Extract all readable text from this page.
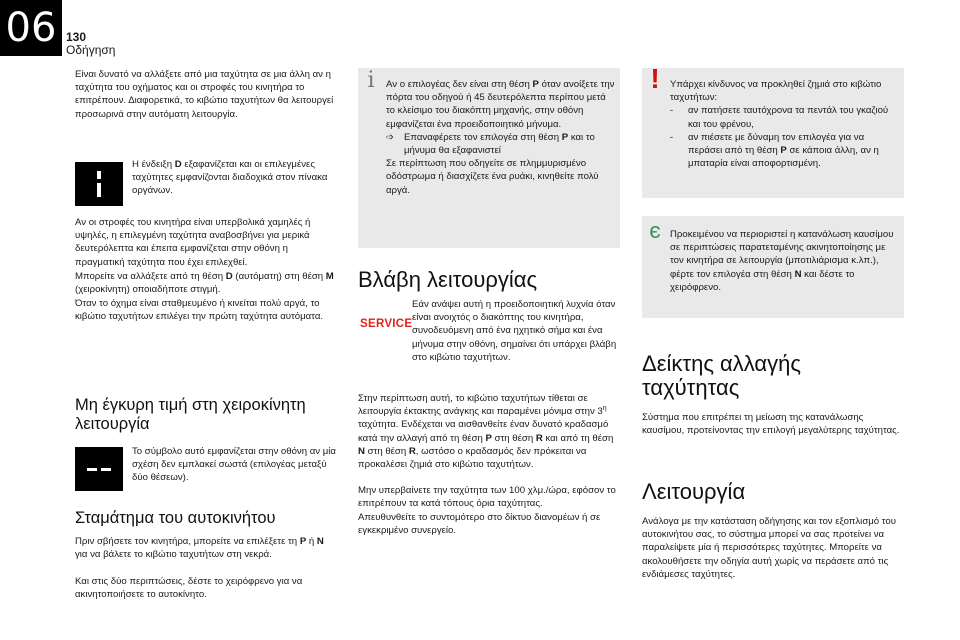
06 130
Οδήγηση

Είναι δυνατό να αλλάξετε από μια ταχύτητα σε μια άλλη αν η ταχύτητα του οχήματος και οι στροφές του κινητήρα το επιτρέπουν. Διαφορετικά, το κιβώτιο ταχυτήτων θα λειτουργεί προσωρινά στην αυτόματη λειτουργία.

Η ένδειξη D εξαφανίζεται και οι επιλεγμένες ταχύτητες εμφανίζονται διαδοχικά στον πίνακα οργάνων.

Αν οι στροφές του κινητήρα είναι υπερβολικά χαμηλές ή υψηλές, η επιλεγμένη ταχύτητα αναβοσβήνει για μερικά δευτερόλεπτα και έπειτα εμφανίζεται στην οθόνη η πραγματική ταχύτητα που έχει επιλεχθεί.

Μπορείτε να αλλάξετε από τη θέση D (αυτόματη) στη θέση M (χειροκίνητη) οποιαδήποτε στιγμή.

Όταν το όχημα είναι σταθμευμένο ή κινείται πολύ αργά, το κιβώτιο ταχυτήτων επιλέγει την πρώτη ταχύτητα αυτόματα.

Μη έγκυρη τιμή στη χειροκίνητη λειτουργία

Το σύμβολο αυτό εμφανίζεται στην οθόνη αν μία σχέση δεν εμπλακεί σωστά (επιλογέας μεταξύ δύο θέσεων).

Σταμάτημα του αυτοκινήτου

Πριν σβήσετε τον κινητήρα, μπορείτε να επιλέξετε τη P ή N για να βάλετε το κιβώτιο ταχυτήτων στη νεκρά.

Και στις δύο περιπτώσεις, δέστε το χειρόφρενο για να ακινητοποιήσετε το αυτοκίνητο.

i	Αν ο επιλογέας δεν είναι στη θέση P όταν ανοίξετε την πόρτα του οδηγού ή 45 δευτερόλεπτα περίπου μετά το κλείσιμο του διακόπτη μηχανής, στην οθόνη εμφανίζεται ένα προειδοποιητικό μήνυμα.

➩	Επαναφέρετε τον επιλογέα στη θέση P και το μήνυμα θα εξαφανιστεί

Σε περίπτωση που οδηγείτε σε πλημμυρισμένο οδόστρωμα ή διασχίζετε ένα ρυάκι, κινηθείτε πολύ αργά.

Βλάβη λειτουργίας
SERVICE

Εάν ανάψει αυτή η προειδοποιητική λυχνία όταν είναι ανοιχτός ο διακόπτης του κινητήρα, συνοδευόμενη από ένα ηχητικό σήμα και ένα μήνυμα στην οθόνη, σημαίνει ότι υπάρχει βλάβη στο κιβώτιο ταχυτήτων.

Στην περίπτωση αυτή, το κιβώτιο ταχυτήτων τίθεται σε λειτουργία έκτακτης ανάγκης και παραμένει μόνιμα στην $3^\eta$ ταχύτητα. Ενδέχεται να αισθανθείτε έναν δυνατό κραδασμό κατά την αλλαγή από τη θέση P στη θέση R και από τη θέση N στη θέση R, ωστόσο ο κραδασμός δεν πρόκειται να προκαλέσει ζημιά στο κιβώτιο ταχυτήτων.

Μην υπερβαίνετε την ταχύτητα των 100 χλμ./ώρα, εφόσον το επιτρέπουν τα κατά τόπους όρια ταχύτητας.

Απευθυνθείτε το συντομότερο στο δίκτυο διανομέων ή σε εγκεκριμένο συνεργείο.

!	Υπάρχει κίνδυνος να προκληθεί ζημιά στο κιβώτιο ταχυτήτων:

-	αν πατήσετε ταυτόχρονα τα πεντάλ του γκαζιού και του φρένου,
-	αν πιέσετε με δύναμη τον επιλογέα για να περάσει από τη θέση P σε κάποια άλλη, αν η μπαταρία είναι αποφορτισμένη.
є Προκειμένου να περιοριστεί η κατανάλωση καυσίμου σε περιπτώσεις παρατεταμένης ακινητοποίησης με τον κινητήρα σε λειτουργία (μποτιλιάρισμα κ.λπ.), φέρτε τον επιλογέα στη θέση N και δέστε το χειρόφρενο.

Δείκτης αλλαγής ταχύτητας

Σύστημα που επιτρέπει τη μείωση της κατανάλωσης καυσίμου, προτείνοντας την επιλογή μεγαλύτερης ταχύτητας.

Λειτουργία

Ανάλογα με την κατάσταση οδήγησης και τον εξοπλισμό του αυτοκινήτου σας, το σύστημα μπορεί να σας προτείνει να παραλείψετε μία ή περισσότερες ταχύτητες. Μπορείτε να ακολουθήσετε την οδηγία αυτή χωρίς να περάσετε από τις ενδιάμεσες ταχύτητες.
